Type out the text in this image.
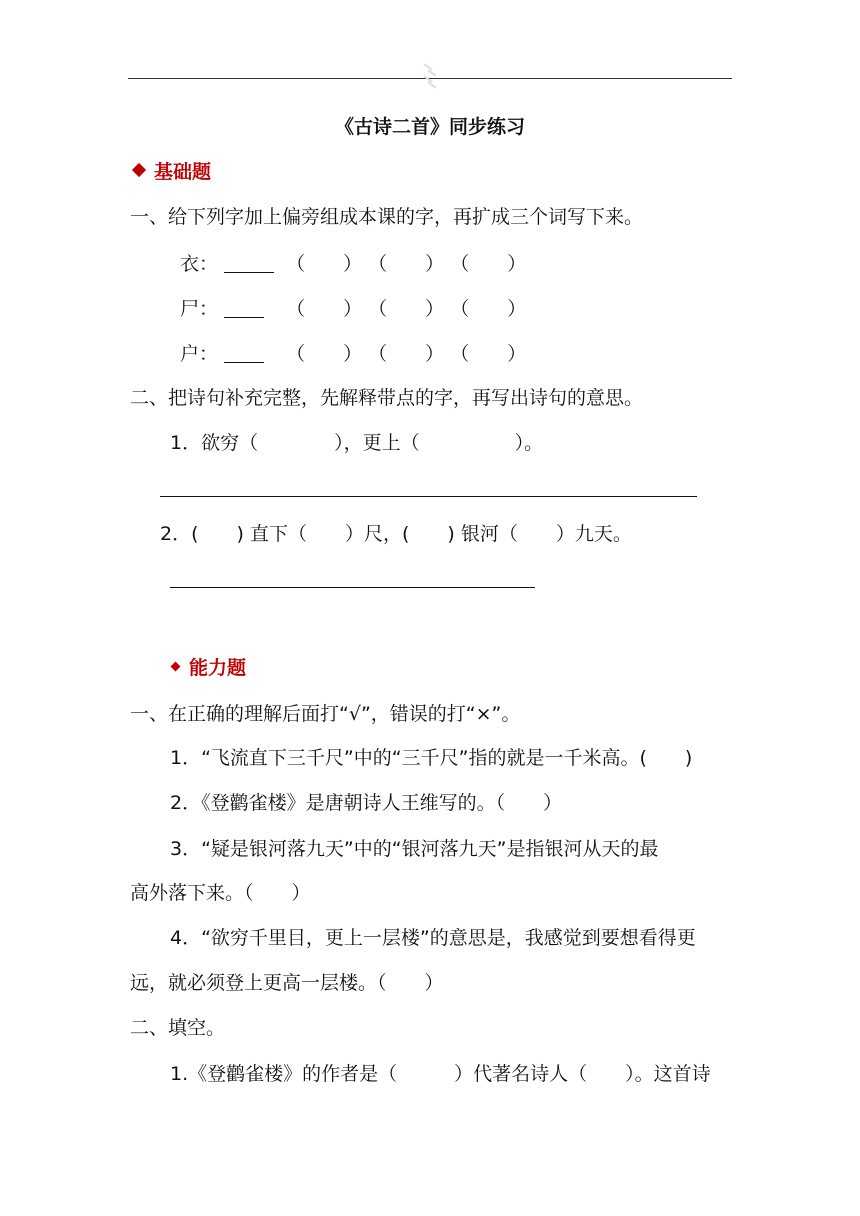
《古诗二首》同步练习
基础题
一、给下列字加上偏旁组成本课的字，再扩成三个词写下来。
衣：	（　　） （　　） （　　）
尸：	（　　） （　　） （　　）
户：	（　　） （　　） （　　）
二、把诗句补充完整，先解释带点的字，再写出诗句的意思。
1．欲穷（　　　　），更上（　　　　　）。
2．(　　) 直下（　　）尺，(　　) 银河（　　）九天。
能力题
一、在正确的理解后面打“√”，错误的打“×”。
1．“飞流直下三千尺”中的“三千尺”指的就是一千米高。(　　)
2．《登鹳雀楼》是唐朝诗人王维写的。（　　）
3．“疑是银河落九天”中的“银河落九天”是指银河从天的最
高外落下来。（　　）
4．“欲穷千里目，更上一层楼”的意思是，我感觉到要想看得更
远，就必须登上更高一层楼。（　　）
二、填空。
1.《登鹳雀楼》的作者是（　　　）代著名诗人（　　）。这首诗
